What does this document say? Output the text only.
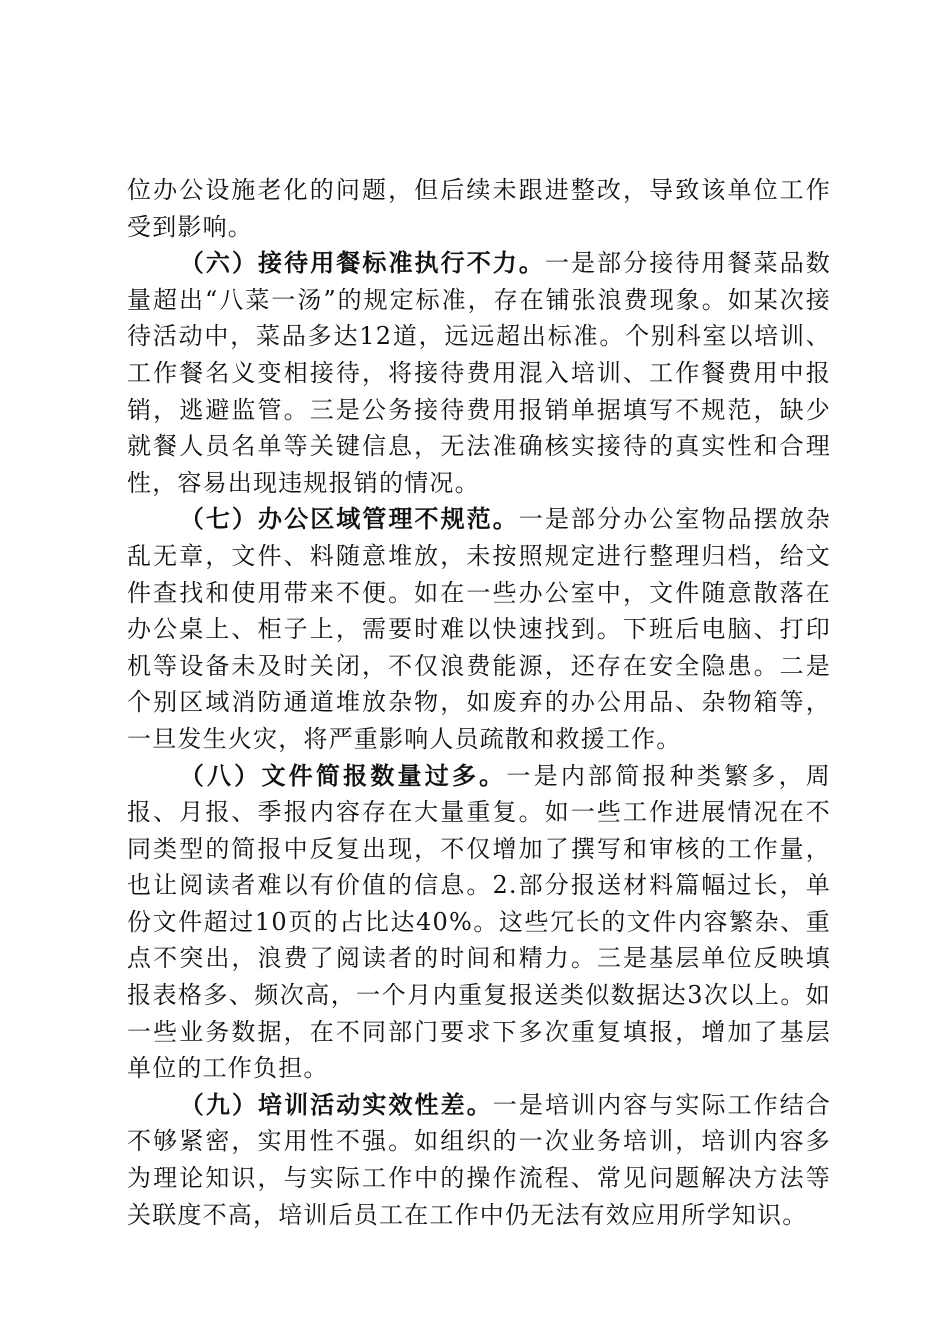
位办公设施老化的问题，但后续未跟进整改，导致该单位工作受到影响。

（六）接待用餐标准执行不力。一是部分接待用餐菜品数量超出“八菜一汤”的规定标准，存在铺张浪费现象。如某次接待活动中，菜品多达12道，远远超出标准。个别科室以培训、工作餐名义变相接待，将接待费用混入培训、工作餐费用中报销，逃避监管。三是公务接待费用报销单据填写不规范，缺少就餐人员名单等关键信息，无法准确核实接待的真实性和合理性，容易出现违规报销的情况。

（七）办公区域管理不规范。一是部分办公室物品摆放杂乱无章，文件、料随意堆放，未按照规定进行整理归档，给文件查找和使用带来不便。如在一些办公室中，文件随意散落在办公桌上、柜子上，需要时难以快速找到。下班后电脑、打印机等设备未及时关闭，不仅浪费能源，还存在安全隐患。二是个别区域消防通道堆放杂物，如废弃的办公用品、杂物箱等，一旦发生火灾，将严重影响人员疏散和救援工作。

（八）文件简报数量过多。一是内部简报种类繁多，周报、月报、季报内容存在大量重复。如一些工作进展情况在不同类型的简报中反复出现，不仅增加了撰写和审核的工作量，也让阅读者难以有价值的信息。2.部分报送材料篇幅过长，单份文件超过10页的占比达40%。这些冗长的文件内容繁杂、重点不突出，浪费了阅读者的时间和精力。三是基层单位反映填报表格多、频次高，一个月内重复报送类似数据达3次以上。如一些业务数据，在不同部门要求下多次重复填报，增加了基层单位的工作负担。

（九）培训活动实效性差。一是培训内容与实际工作结合不够紧密，实用性不强。如组织的一次业务培训，培训内容多为理论知识，与实际工作中的操作流程、常见问题解决方法等关联度不高，培训后员工在工作中仍无法有效应用所学知识。
